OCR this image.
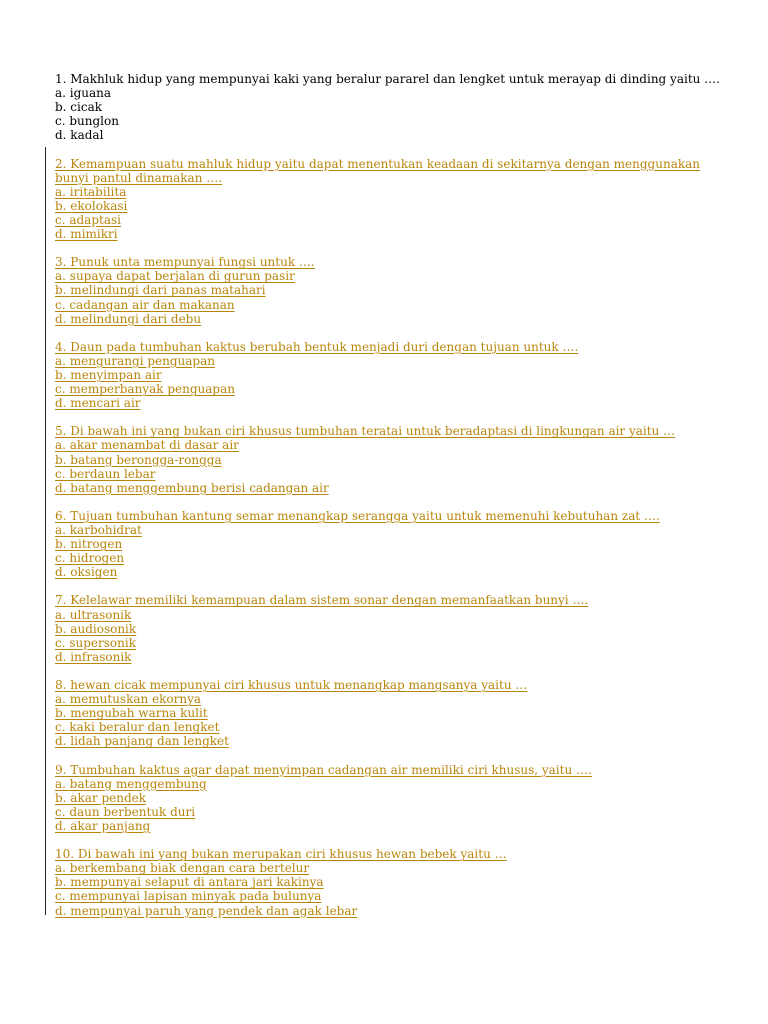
1. Makhluk hidup yang mempunyai kaki yang beralur pararel dan lengket untuk merayap di dinding yaitu ….
a. iguana
b. cicak
c. bunglon
d. kadal
2. Kemampuan suatu mahluk hidup yaitu dapat menentukan keadaan di sekitarnya dengan menggunakan
bunyi pantul dinamakan ….
a. iritabilita
b. ekolokasi
c. adaptasi
d. mimikri
3. Punuk unta mempunyai fungsi untuk ….
a. supaya dapat berjalan di gurun pasir
b. melindungi dari panas matahari
c. cadangan air dan makanan
d. melindungi dari debu
4. Daun pada tumbuhan kaktus berubah bentuk menjadi duri dengan tujuan untuk ….
a. mengurangi penguapan
b. menyimpan air
c. memperbanyak penguapan
d. mencari air
5. Di bawah ini yang bukan ciri khusus tumbuhan teratai untuk beradaptasi di lingkungan air yaitu …
a. akar menambat di dasar air
b. batang berongga-rongga
c. berdaun lebar
d. batang menggembung berisi cadangan air
6. Tujuan tumbuhan kantung semar menangkap serangga yaitu untuk memenuhi kebutuhan zat ….
a. karbohidrat
b. nitrogen
c. hidrogen
d. oksigen
7. Kelelawar memiliki kemampuan dalam sistem sonar dengan memanfaatkan bunyi ….
a. ultrasonik
b. audiosonik
c. supersonik
d. infrasonik
8. hewan cicak mempunyai ciri khusus untuk menangkap mangsanya yaitu …
a. memutuskan ekornya
b. mengubah warna kulit
c. kaki beralur dan lengket
d. lidah panjang dan lengket
9. Tumbuhan kaktus agar dapat menyimpan cadangan air memiliki ciri khusus, yaitu ….
a. batang menggembung
b. akar pendek
c. daun berbentuk duri
d. akar panjang
10. Di bawah ini yang bukan merupakan ciri khusus hewan bebek yaitu …
a. berkembang biak dengan cara bertelur
b. mempunyai selaput di antara jari kakinya
c. mempunyai lapisan minyak pada bulunya
d. mempunyai paruh yang pendek dan agak lebar
